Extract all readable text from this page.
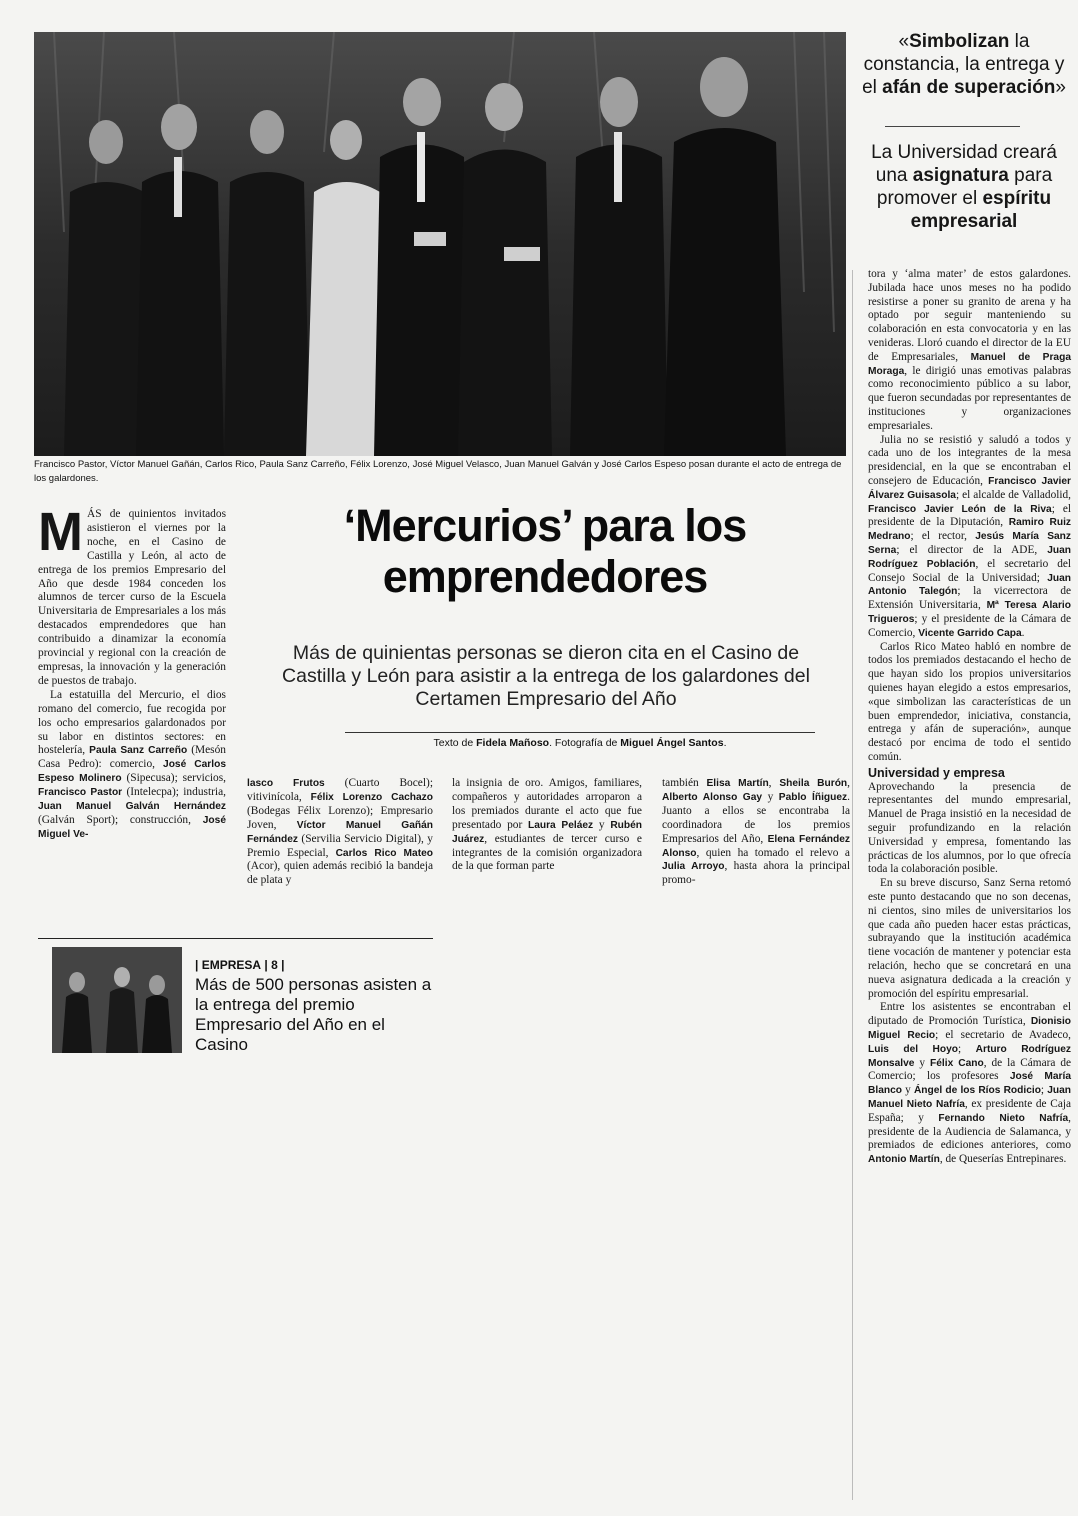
Francisco Pastor, Víctor Manuel Gañán, Carlos Rico, Paula Sanz Carreño, Félix Lorenzo, José Miguel Velasco, Juan Manuel Galván y José Carlos Espeso posan durante el acto de entrega de los galardones.
«Simbolizan la constancia, la entrega y el afán de superación»
La Universidad creará una asignatura para promover el espíritu empresarial
‘Mercurios’ para los emprendedores
Más de quinientas personas se dieron cita en el Casino de Castilla y León para asistir a la entrega de los galardones del Certamen Empresario del Año
Texto de Fidela Mañoso. Fotografía de Miguel Ángel Santos.

MÁS de quinientos invitados asistieron el viernes por la noche, en el Casino de Castilla y León, al acto de entrega de los premios Empresario del Año que desde 1984 conceden los alumnos de tercer curso de la Escuela Universitaria de Empresariales a los más destacados emprendedores que han contribuido a dinamizar la economía provincial y regional con la creación de empresas, la innovación y la generación de puestos de trabajo.

La estatuilla del Mercurio, el dios romano del comercio, fue recogida por los ocho empresarios galardonados por su labor en distintos sectores: en hostelería, Paula Sanz Carreño (Mesón Casa Pedro): comercio, José Carlos Espeso Molinero (Sipecusa); servicios, Francisco Pastor (Intelecpa); industria, Juan Manuel Galván Hernández (Galván Sport); construcción, José Miguel Ve-

lasco Frutos (Cuarto Bocel); vitivinícola, Félix Lorenzo Cachazo (Bodegas Félix Lorenzo); Empresario Joven, Víctor Manuel Gañán Fernández (Servilia Servicio Digital), y Premio Especial, Carlos Rico Mateo (Acor), quien además recibió la bandeja de plata y

la insignia de oro. Amigos, familiares, compañeros y autoridades arroparon a los premiados durante el acto que fue presentado por Laura Peláez y Rubén Juárez, estudiantes de tercer curso e integrantes de la comisión organizadora de la que forman parte

también Elisa Martín, Sheila Burón, Alberto Alonso Gay y Pablo Íñiguez. Juanto a ellos se encontraba la coordinadora de los premios Empresarios del Año, Elena Fernández Alonso, quien ha tomado el relevo a Julia Arroyo, hasta ahora la principal promo-

| EMPRESA | 8 |
Más de 500 personas asisten a la entrega del premio Empresario del Año en el Casino

tora y ‘alma mater’ de estos galardones. Jubilada hace unos meses no ha podido resistirse a poner su granito de arena y ha optado por seguir manteniendo su colaboración en esta convocatoria y en las venideras. Lloró cuando el director de la EU de Empresariales, Manuel de Praga Moraga, le dirigió unas emotivas palabras como reconocimiento público a su labor, que fueron secundadas por representantes de instituciones y organizaciones empresariales.

Julia no se resistió y saludó a todos y cada uno de los integrantes de la mesa presidencial, en la que se encontraban el consejero de Educación, Francisco Javier Álvarez Guisasola; el alcalde de Valladolid, Francisco Javier León de la Riva; el presidente de la Diputación, Ramiro Ruiz Medrano; el rector, Jesús María Sanz Serna; el director de la ADE, Juan Rodríguez Población, el secretario del Consejo Social de la Universidad; Juan Antonio Talegón; la vicerrectora de Extensión Universitaria, Mª Teresa Alario Trigueros; y el presidente de la Cámara de Comercio, Vicente Garrido Capa.

Carlos Rico Mateo habló en nombre de todos los premiados destacando el hecho de que hayan sido los propios universitarios quienes hayan elegido a estos empresarios, «que simbolizan las características de un buen emprendedor, iniciativa, constancia, entrega y afán de superación», aunque destacó por encima de todo el sentido común.

Universidad y empresa

Aprovechando la presencia de representantes del mundo empresarial, Manuel de Praga insistió en la necesidad de seguir profundizando en la relación Universidad y empresa, fomentando las prácticas de los alumnos, por lo que ofrecía toda la colaboración posible.

En su breve discurso, Sanz Serna retomó este punto destacando que no son decenas, ni cientos, sino miles de universitarios los que cada año pueden hacer estas prácticas, subrayando que la institución académica tiene vocación de mantener y potenciar esta relación, hecho que se concretará en una nueva asignatura dedicada a la creación y promoción del espíritu empresarial.

Entre los asistentes se encontraban el diputado de Promoción Turística, Dionisio Miguel Recio; el secretario de Avadeco, Luis del Hoyo; Arturo Rodríguez Monsalve y Félix Cano, de la Cámara de Comercio; los profesores José María Blanco y Ángel de los Ríos Rodicio; Juan Manuel Nieto Nafría, ex presidente de Caja España; y Fernando Nieto Nafría, presidente de la Audiencia de Salamanca, y premiados de ediciones anteriores, como Antonio Martín, de Queserías Entrepinares.
